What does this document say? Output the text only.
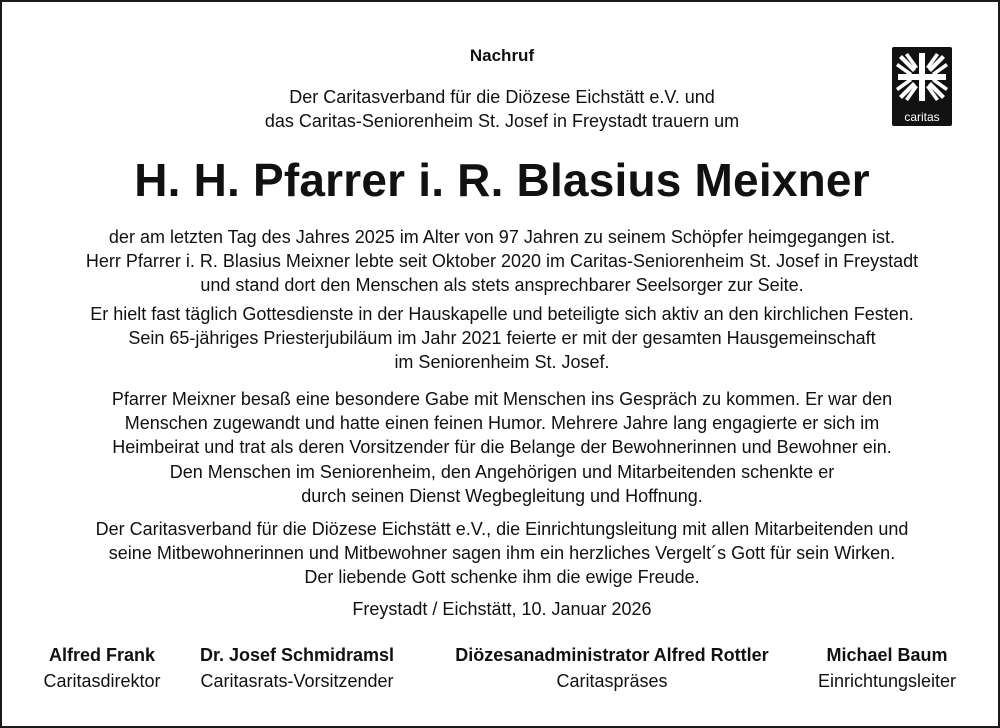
Nachruf
Der Caritasverband für die Diözese Eichstätt e.V. und
das Caritas-Seniorenheim St. Josef in Freystadt trauern um	caritas
H. H. Pfarrer i. R. Blasius Meixner
der am letzten Tag des Jahres 2025 im Alter von 97 Jahren zu seinem Schöpfer heimgegangen ist.
Herr Pfarrer i. R. Blasius Meixner lebte seit Oktober 2020 im Caritas-Seniorenheim St. Josef in Freystadt
und stand dort den Menschen als stets ansprechbarer Seelsorger zur Seite.
Er hielt fast täglich Gottesdienste in der Hauskapelle und beteiligte sich aktiv an den kirchlichen Festen.
Sein 65-jähriges Priesterjubiläum im Jahr 2021 feierte er mit der gesamten Hausgemeinschaft
im Seniorenheim St. Josef.
Pfarrer Meixner besaß eine besondere Gabe mit Menschen ins Gespräch zu kommen. Er war den
Menschen zugewandt und hatte einen feinen Humor. Mehrere Jahre lang engagierte er sich im
Heimbeirat und trat als deren Vorsitzender für die Belange der Bewohnerinnen und Bewohner ein.
Den Menschen im Seniorenheim, den Angehörigen und Mitarbeitenden schenkte er
durch seinen Dienst Wegbegleitung und Hoffnung.
Der Caritasverband für die Diözese Eichstätt e.V., die Einrichtungsleitung mit allen Mitarbeitenden und
seine Mitbewohnerinnen und Mitbewohner sagen ihm ein herzliches Vergelt´s Gott für sein Wirken.
Der liebende Gott schenke ihm die ewige Freude.
Freystadt / Eichstätt, 10. Januar 2026
Alfred Frank
Caritasdirektor
Dr. Josef Schmidramsl
Caritasrats-Vorsitzender
Diözesanadministrator Alfred Rottler
Caritaspräses
Michael Baum
Einrichtungsleiter
